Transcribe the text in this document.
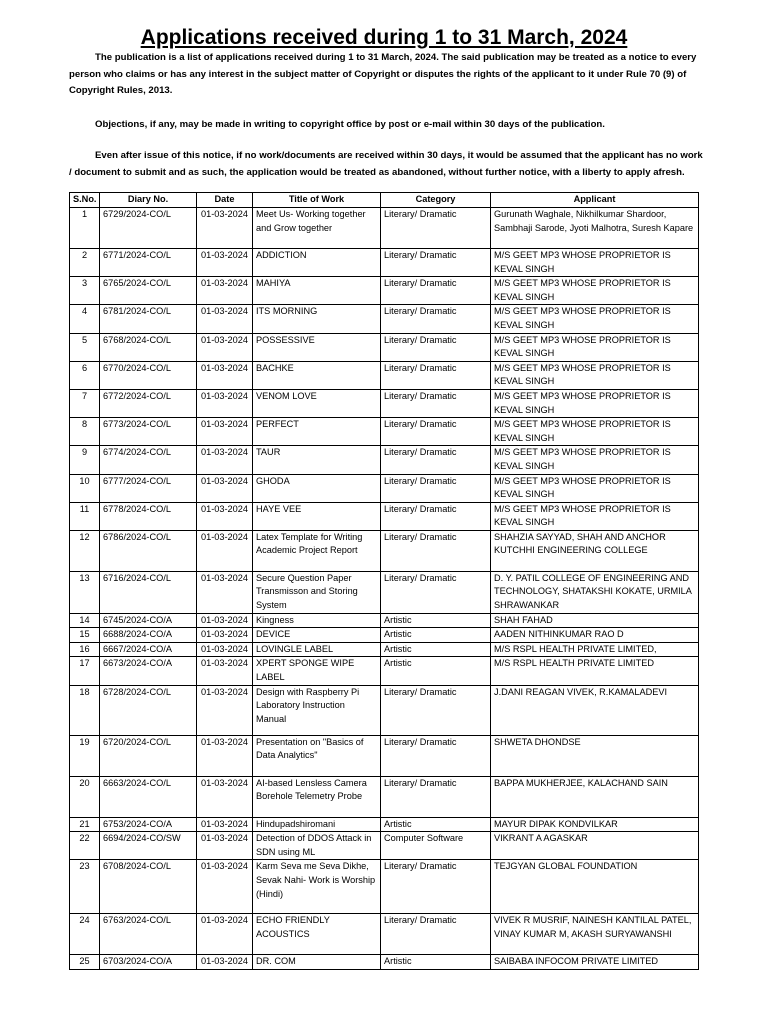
Applications received during 1 to 31 March, 2024
The publication is a list of applications received during 1 to 31 March, 2024. The said publication may be treated as a notice to every person who claims or has any interest in the subject matter of Copyright or disputes the rights of the applicant to it under Rule 70 (9) of Copyright Rules, 2013.
Objections, if any, may be made in writing to copyright office by post or e-mail within 30 days of the publication.
Even after issue of this notice, if no work/documents are received within 30 days, it would be assumed that the applicant has no work / document to submit and as such, the application would be treated as abandoned, without further notice, with a liberty to apply afresh.
S.No.	Diary No.	Date	Title of Work	Category	Applicant
1	6729/2024-CO/L	01-03-2024	Meet Us- Working together and Grow together	Literary/ Dramatic	Gurunath Waghale, Nikhilkumar Shardoor, Sambhaji Sarode, Jyoti Malhotra, Suresh Kapare
2	6771/2024-CO/L	01-03-2024	ADDICTION	Literary/ Dramatic	M/S GEET MP3 WHOSE PROPRIETOR IS KEVAL SINGH
3	6765/2024-CO/L	01-03-2024	MAHIYA	Literary/ Dramatic	M/S GEET MP3 WHOSE PROPRIETOR IS KEVAL SINGH
4	6781/2024-CO/L	01-03-2024	ITS MORNING	Literary/ Dramatic	M/S GEET MP3 WHOSE PROPRIETOR IS KEVAL SINGH
5	6768/2024-CO/L	01-03-2024	POSSESSIVE	Literary/ Dramatic	M/S GEET MP3 WHOSE PROPRIETOR IS KEVAL SINGH
6	6770/2024-CO/L	01-03-2024	BACHKE	Literary/ Dramatic	M/S GEET MP3 WHOSE PROPRIETOR IS KEVAL SINGH
7	6772/2024-CO/L	01-03-2024	VENOM LOVE	Literary/ Dramatic	M/S GEET MP3 WHOSE PROPRIETOR IS KEVAL SINGH
8	6773/2024-CO/L	01-03-2024	PERFECT	Literary/ Dramatic	M/S GEET MP3 WHOSE PROPRIETOR IS KEVAL SINGH
9	6774/2024-CO/L	01-03-2024	TAUR	Literary/ Dramatic	M/S GEET MP3 WHOSE PROPRIETOR IS KEVAL SINGH
10	6777/2024-CO/L	01-03-2024	GHODA	Literary/ Dramatic	M/S GEET MP3 WHOSE PROPRIETOR IS KEVAL SINGH
11	6778/2024-CO/L	01-03-2024	HAYE VEE	Literary/ Dramatic	M/S GEET MP3 WHOSE PROPRIETOR IS KEVAL SINGH
12	6786/2024-CO/L	01-03-2024	Latex Template for Writing Academic Project Report	Literary/ Dramatic	SHAHZIA SAYYAD, SHAH AND ANCHOR KUTCHHI ENGINEERING COLLEGE
13	6716/2024-CO/L	01-03-2024	Secure Question Paper Transmisson and Storing System	Literary/ Dramatic	D. Y. PATIL COLLEGE OF ENGINEERING AND TECHNOLOGY, SHATAKSHI KOKATE, URMILA SHRAWANKAR
14	6745/2024-CO/A	01-03-2024	Kingness	Artistic	SHAH FAHAD
15	6688/2024-CO/A	01-03-2024	DEVICE	Artistic	AADEN NITHINKUMAR RAO D
16	6667/2024-CO/A	01-03-2024	LOVINGLE LABEL	Artistic	M/S RSPL HEALTH PRIVATE LIMITED,
17	6673/2024-CO/A	01-03-2024	XPERT SPONGE WIPE LABEL	Artistic	M/S RSPL HEALTH PRIVATE LIMITED
18	6728/2024-CO/L	01-03-2024	Design with Raspberry Pi Laboratory Instruction Manual	Literary/ Dramatic	J.DANI REAGAN VIVEK, R.KAMALADEVI
19	6720/2024-CO/L	01-03-2024	Presentation on "Basics of Data Analytics"	Literary/ Dramatic	SHWETA DHONDSE
20	6663/2024-CO/L	01-03-2024	AI-based Lensless Camera Borehole Telemetry Probe	Literary/ Dramatic	BAPPA MUKHERJEE, KALACHAND SAIN
21	6753/2024-CO/A	01-03-2024	Hindupadshiromani	Artistic	MAYUR DIPAK KONDVILKAR
22	6694/2024-CO/SW	01-03-2024	Detection of DDOS Attack in SDN using ML	Computer Software	VIKRANT A AGASKAR
23	6708/2024-CO/L	01-03-2024	Karm Seva me Seva Dikhe, Sevak Nahi- Work is Worship (Hindi)	Literary/ Dramatic	TEJGYAN GLOBAL FOUNDATION
24	6763/2024-CO/L	01-03-2024	ECHO FRIENDLY ACOUSTICS	Literary/ Dramatic	VIVEK R MUSRIF, NAINESH KANTILAL PATEL, VINAY KUMAR M, AKASH SURYAWANSHI
25	6703/2024-CO/A	01-03-2024	DR. COM	Artistic	SAIBABA INFOCOM PRIVATE LIMITED
